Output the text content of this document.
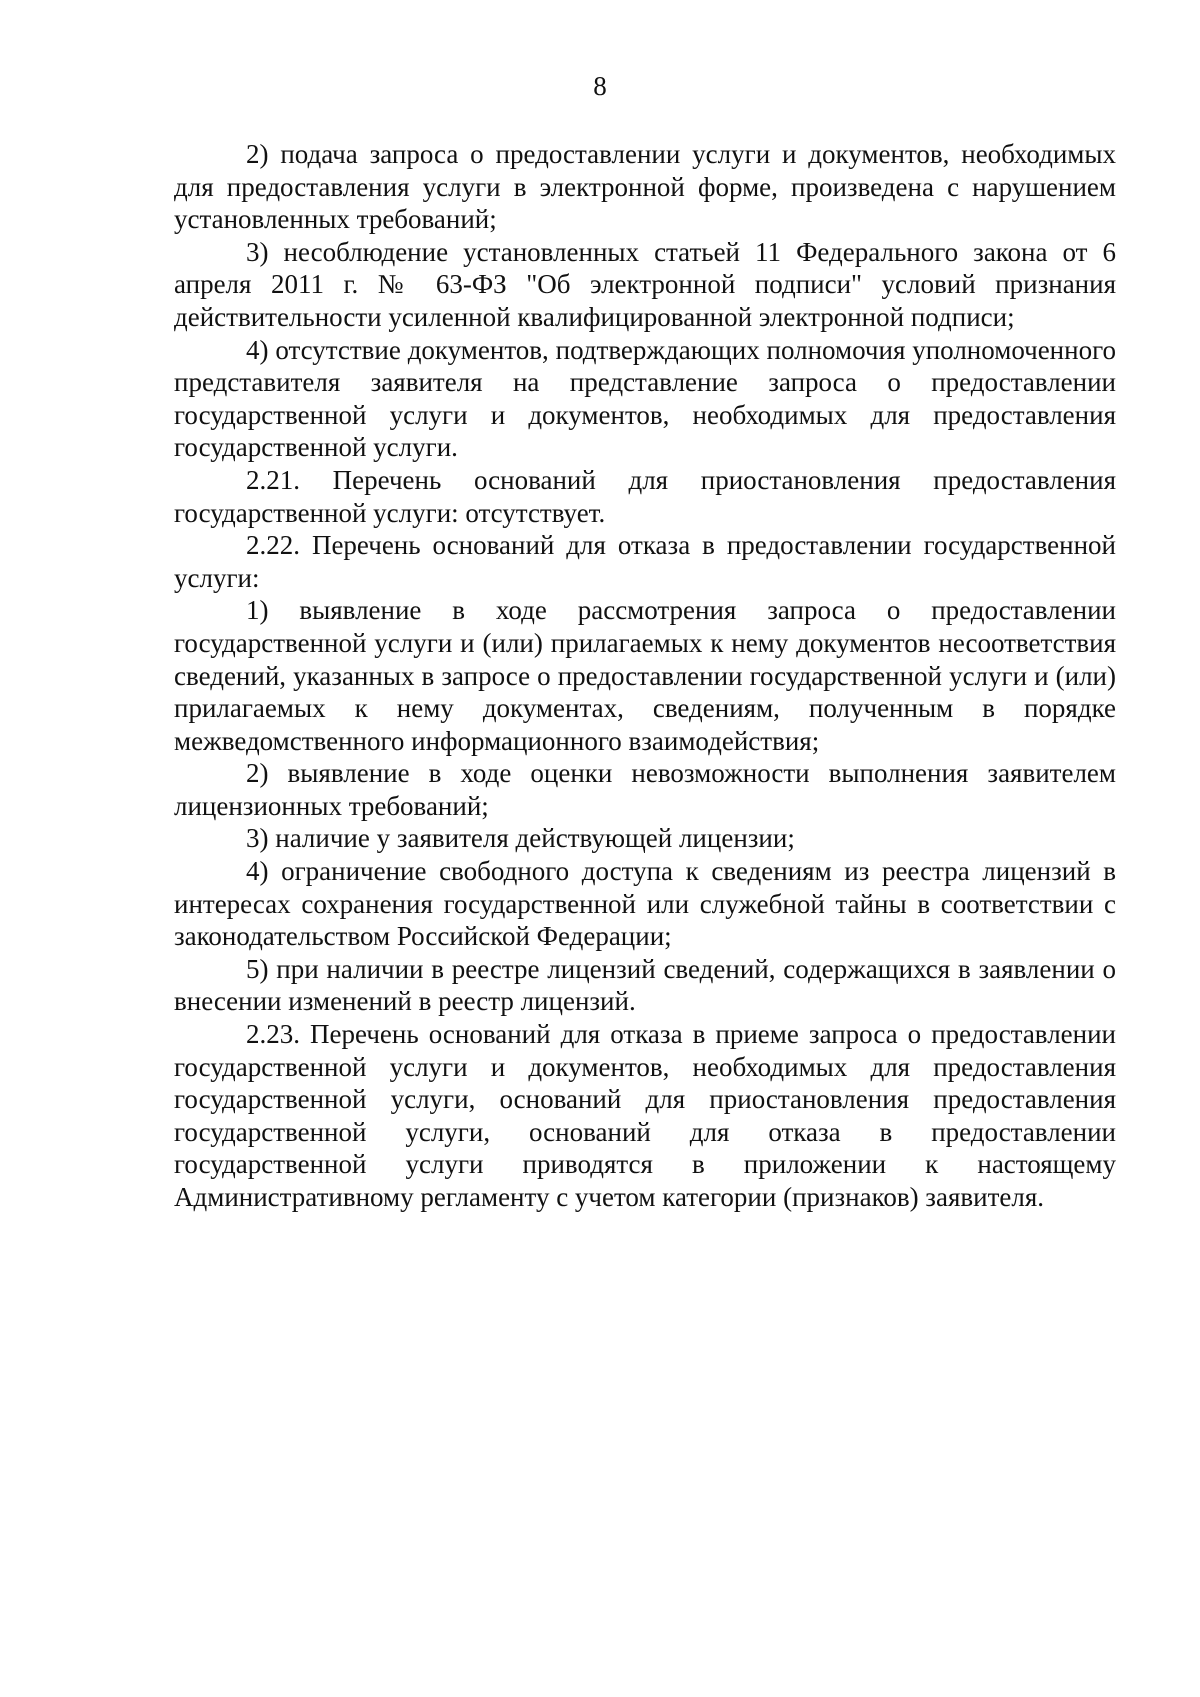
8

2) подача запроса о предоставлении услуги и документов, необходимых для предоставления услуги в электронной форме, произведена с нарушением установленных требований;

3) несоблюдение установленных статьей 11 Федерального закона от 6 апреля 2011 г. № 63-ФЗ "Об электронной подписи" условий признания действительности усиленной квалифицированной электронной подписи;

4) отсутствие документов, подтверждающих полномочия уполномоченного представителя заявителя на представление запроса о предоставлении государственной услуги и документов, необходимых для предоставления государственной услуги.

2.21. Перечень оснований для приостановления предоставления государственной услуги: отсутствует.

2.22. Перечень оснований для отказа в предоставлении государственной услуги:

1) выявление в ходе рассмотрения запроса о предоставлении государственной услуги и (или) прилагаемых к нему документов несоответствия сведений, указанных в запросе о предоставлении государственной услуги и (или) прилагаемых к нему документах, сведениям, полученным в порядке межведомственного информационного взаимодействия;

2) выявление в ходе оценки невозможности выполнения заявителем лицензионных требований;

3) наличие у заявителя действующей лицензии;

4) ограничение свободного доступа к сведениям из реестра лицензий в интересах сохранения государственной или служебной тайны в соответствии с законодательством Российской Федерации;

5) при наличии в реестре лицензий сведений, содержащихся в заявлении о внесении изменений в реестр лицензий.

2.23. Перечень оснований для отказа в приеме запроса о предоставлении государственной услуги и документов, необходимых для предоставления государственной услуги, оснований для приостановления предоставления государственной услуги, оснований для отказа в предоставлении государственной услуги приводятся в приложении к настоящему Административному регламенту с учетом категории (признаков) заявителя.
